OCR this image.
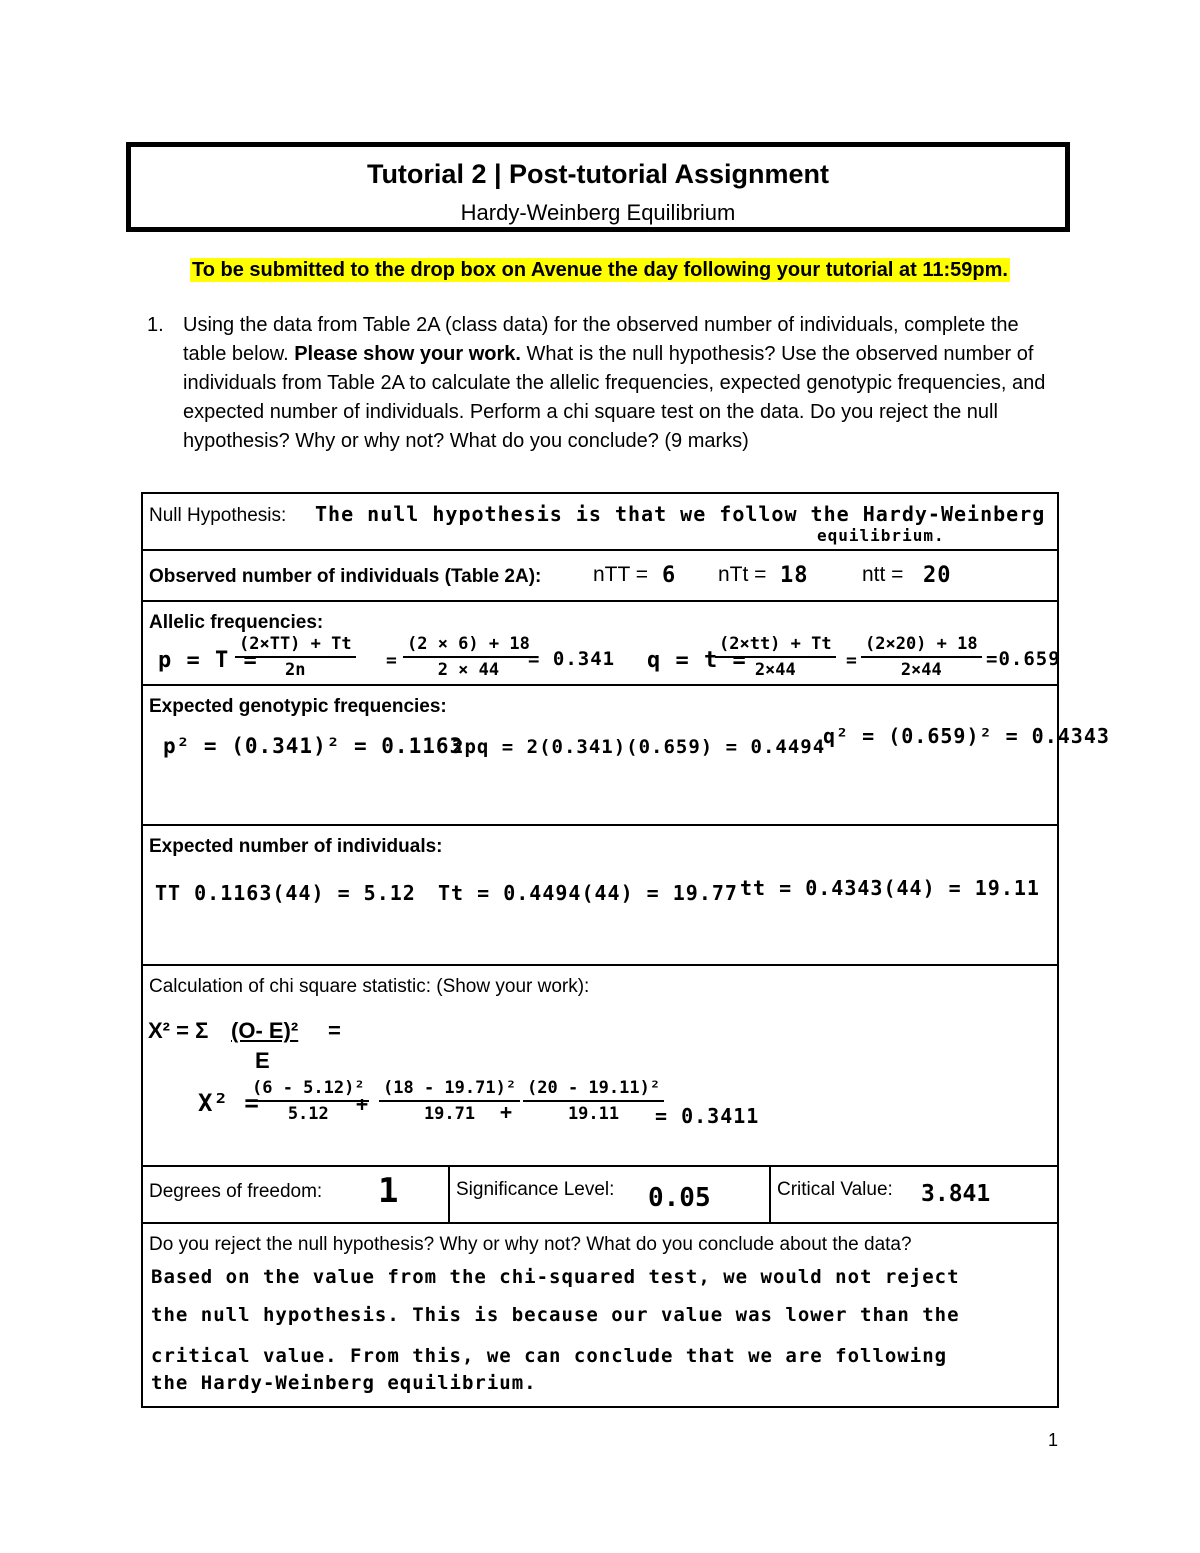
Tutorial 2 | Post-tutorial Assignment
Hardy-Weinberg Equilibrium
To be submitted to the drop box on Avenue the day following your tutorial at 11:59pm.
1. Using the data from Table 2A (class data) for the observed number of individuals, complete the table below. Please show your work. What is the null hypothesis? Use the observed number of individuals from Table 2A to calculate the allelic frequencies, expected genotypic frequencies, and expected number of individuals. Perform a chi square test on the data. Do you reject the null hypothesis? Why or why not? What do you conclude? (9 marks)
Null Hypothesis: The null hypothesis is that we follow the Hardy-Weinberg
equilibrium.
Observed number of individuals (Table 2A): nTT = 6 nTt = 18	ntt = 20
Allelic frequencies:
p = T =
$\frac{(2\times TT) + Tt}{2n} = \frac{(2 \times 6) + 18}{2 \times 44}$
= 0.341 q = t =
$\frac{(2\times tt) + Tt}{2\times 44} = \frac{(2\times 20) + 18}{2\times 44} =0.659$
Expected genotypic frequencies:
p² = (0.341)² = 0.1163
2pq = 2(0.341)(0.659) = 0.4494
q² = (0.659)² = 0.4343
Expected number of individuals:
TT 0.1163(44) = 5.12 Tt = 0.4494(44) = 19.77 tt = 0.4343(44) = 19.11
Calculation of chi square statistic: (Show your work):
X² = Σ (O- E)² =
E
X² =
$\frac{\text{(6 - 5.12)²}}{5.12}$
+ $\frac{\text{(18 - 19.71)²}}{19.71}$
+ $\frac{\text{(20 - 19.11)²}}{19.11}$
= 0.3411
Degrees of freedom: 1	Significance Level: 0.05	Critical Value: 3.841
Do you reject the null hypothesis? Why or why not? What do you conclude about the data?
Based on the value from the chi-squared test, we would not reject
the null hypothesis. This is because our value was lower than the
critical value. From this, we can conclude that we are following
the Hardy-Weinberg equilibrium.
1
